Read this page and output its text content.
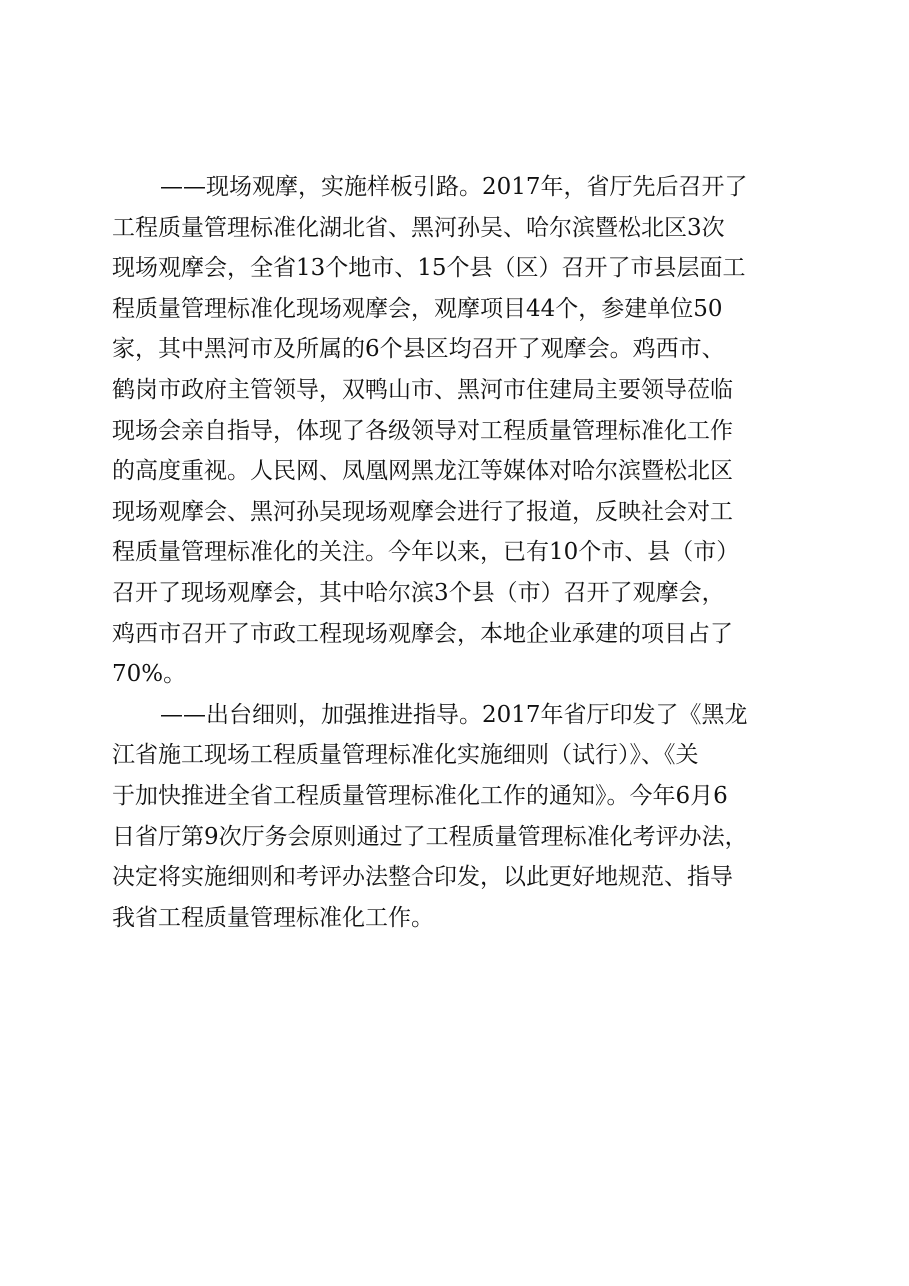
——现场观摩，实施样板引路。2017年，省厅先后召开了
工程质量管理标准化湖北省、黑河孙吴、哈尔滨暨松北区3次
现场观摩会，全省13个地市、15个县（区）召开了市县层面工
程质量管理标准化现场观摩会，观摩项目44个，参建单位50
家，其中黑河市及所属的6个县区均召开了观摩会。鸡西市、
鹤岗市政府主管领导，双鸭山市、黑河市住建局主要领导莅临
现场会亲自指导，体现了各级领导对工程质量管理标准化工作
的高度重视。人民网、凤凰网黑龙江等媒体对哈尔滨暨松北区
现场观摩会、黑河孙吴现场观摩会进行了报道，反映社会对工
程质量管理标准化的关注。今年以来，已有10个市、县（市）
召开了现场观摩会，其中哈尔滨3个县（市）召开了观摩会，
鸡西市召开了市政工程现场观摩会，本地企业承建的项目占了
70%。
——出台细则，加强推进指导。2017年省厅印发了《黑龙
江省施工现场工程质量管理标准化实施细则（试行）》、《关
于加快推进全省工程质量管理标准化工作的通知》。今年6月6
日省厅第9次厅务会原则通过了工程质量管理标准化考评办法，
决定将实施细则和考评办法整合印发，以此更好地规范、指导
我省工程质量管理标准化工作。
